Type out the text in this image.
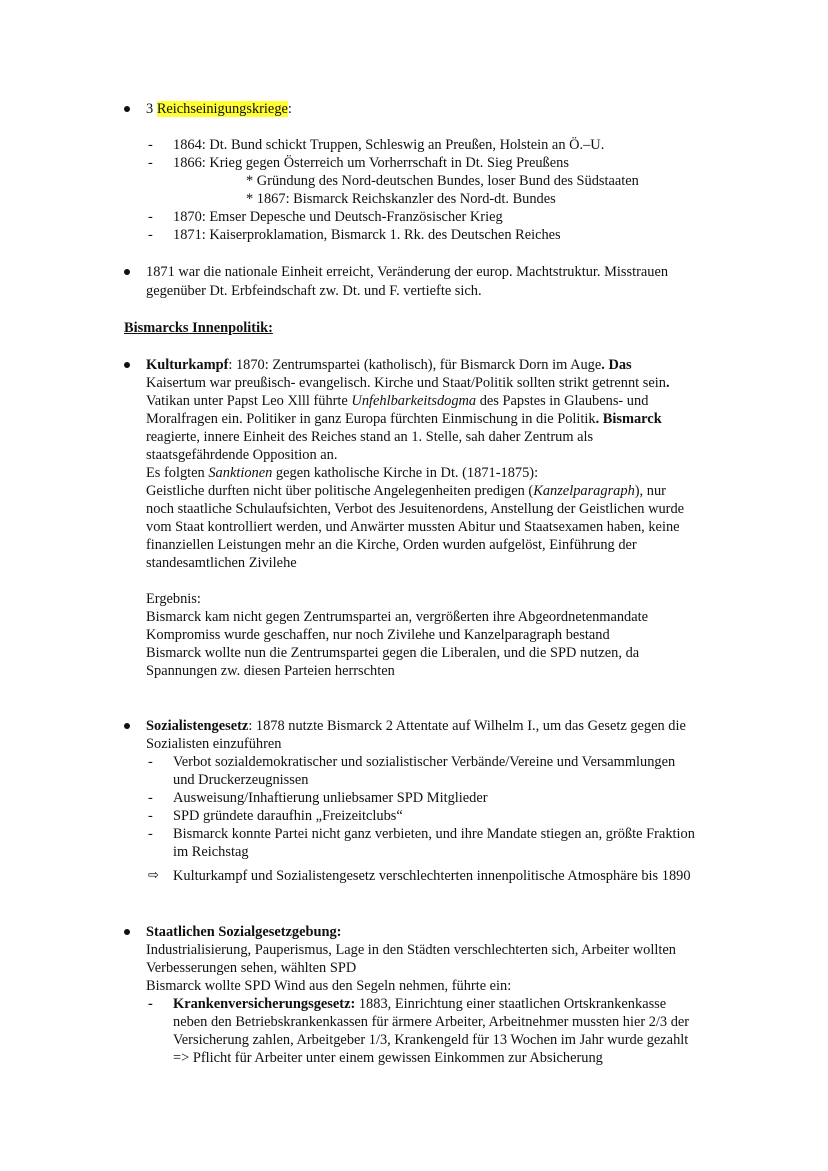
3 Reichseinigungskriege:
- 1864: Dt. Bund schickt Truppen, Schleswig an Preußen, Holstein an Ö.–U.
- 1866: Krieg gegen Österreich um Vorherrschaft in Dt. Sieg Preußens
* Gründung des Nord-deutschen Bundes, loser Bund des Südstaaten
* 1867: Bismarck Reichskanzler des Nord-dt. Bundes
- 1870: Emser Depesche und Deutsch-Französischer Krieg
- 1871: Kaiserproklamation, Bismarck 1. Rk. des Deutschen Reiches
1871 war die nationale Einheit erreicht, Veränderung der europ. Machtstruktur. Misstrauen
gegenüber Dt. Erbfeindschaft zw. Dt. und F. vertiefte sich.
Bismarcks Innenpolitik:
Kulturkampf: 1870: Zentrumspartei (katholisch), für Bismarck Dorn im Auge. Das
Kaisertum war preußisch- evangelisch. Kirche und Staat/Politik sollten strikt getrennt sein.
Vatikan unter Papst Leo Xlll führte Unfehlbarkeitsdogma des Papstes in Glaubens- und
Moralfragen ein. Politiker in ganz Europa fürchten Einmischung in die Politik. Bismarck
reagierte, innere Einheit des Reiches stand an 1. Stelle, sah daher Zentrum als
staatsgefährdende Opposition an.
Es folgten Sanktionen gegen katholische Kirche in Dt. (1871-1875):
Geistliche durften nicht über politische Angelegenheiten predigen (Kanzelparagraph), nur
noch staatliche Schulaufsichten, Verbot des Jesuitenordens, Anstellung der Geistlichen wurde
vom Staat kontrolliert werden, und Anwärter mussten Abitur und Staatsexamen haben, keine
finanziellen Leistungen mehr an die Kirche, Orden wurden aufgelöst, Einführung der
standesamtlichen Zivilehe
Ergebnis:
Bismarck kam nicht gegen Zentrumspartei an, vergrößerten ihre Abgeordnetenmandate
Kompromiss wurde geschaffen, nur noch Zivilehe und Kanzelparagraph bestand
Bismarck wollte nun die Zentrumspartei gegen die Liberalen, und die SPD nutzen, da
Spannungen zw. diesen Parteien herrschten
Sozialistengesetz: 1878 nutzte Bismarck 2 Attentate auf Wilhelm I., um das Gesetz gegen die
Sozialisten einzuführen
- Verbot sozialdemokratischer und sozialistischer Verbände/Vereine und Versammlungen
und Druckerzeugnissen
- Ausweisung/Inhaftierung unliebsamer SPD Mitglieder
- SPD gründete daraufhin „Freizeitclubs“
- Bismarck konnte Partei nicht ganz verbieten, und ihre Mandate stiegen an, größte Fraktion
im Reichstag
⇨ Kulturkampf und Sozialistengesetz verschlechterten innenpolitische Atmosphäre bis 1890
Staatlichen Sozialgesetzgebung:
Industrialisierung, Pauperismus, Lage in den Städten verschlechterten sich, Arbeiter wollten
Verbesserungen sehen, wählten SPD
Bismarck wollte SPD Wind aus den Segeln nehmen, führte ein:
- Krankenversicherungsgesetz: 1883, Einrichtung einer staatlichen Ortskrankenkasse
neben den Betriebskrankenkassen für ärmere Arbeiter, Arbeitnehmer mussten hier 2/3 der
Versicherung zahlen, Arbeitgeber 1/3, Krankengeld für 13 Wochen im Jahr wurde gezahlt
=> Pflicht für Arbeiter unter einem gewissen Einkommen zur Absicherung
